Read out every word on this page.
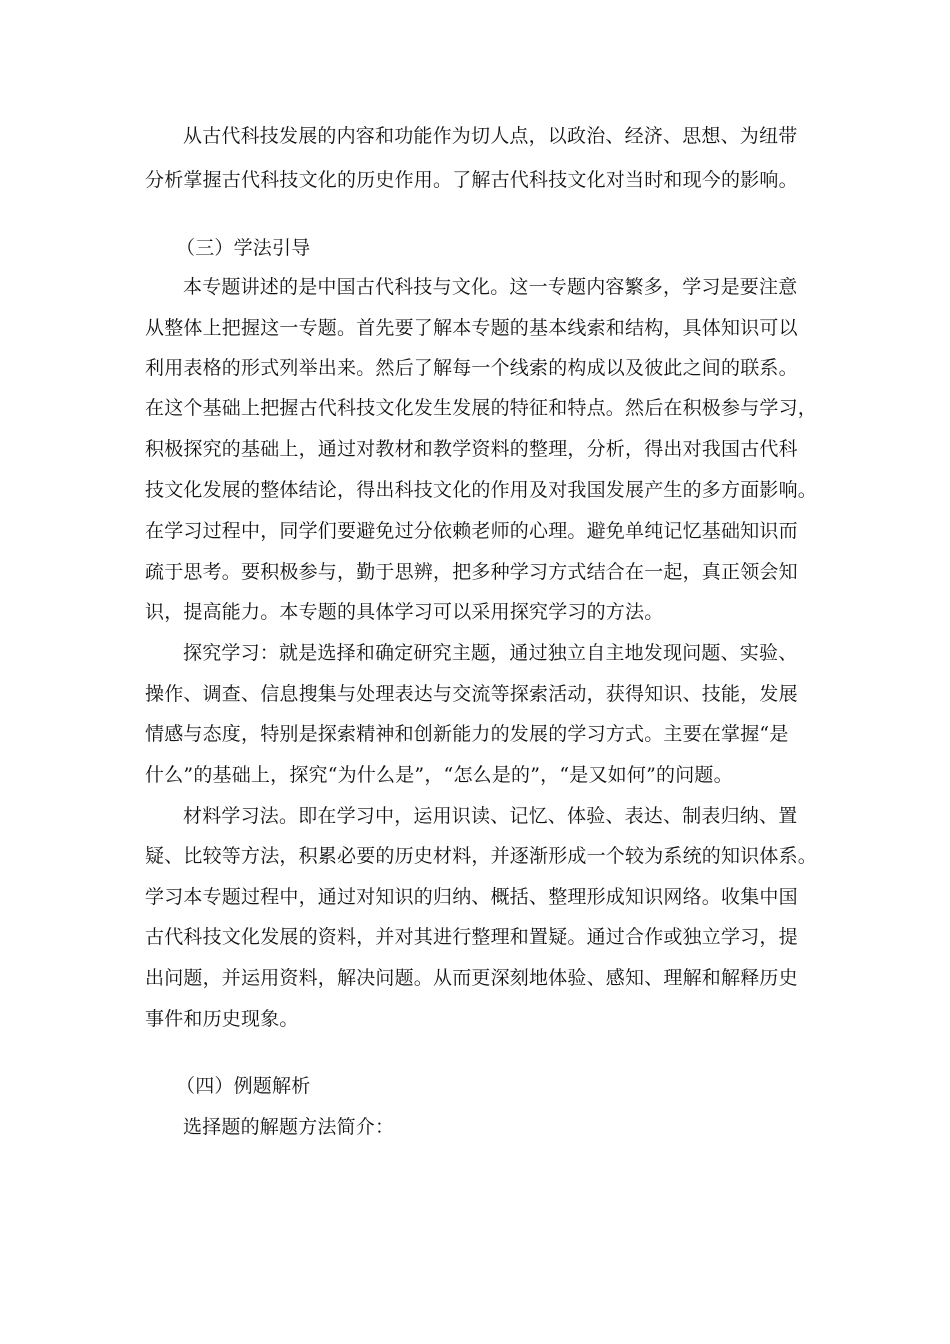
从古代科技发展的内容和功能作为切人点，以政治、经济、思想、为纽带
分析掌握古代科技文化的历史作用。了解古代科技文化对当时和现今的影响。
（三）学法引导
本专题讲述的是中国古代科技与文化。这一专题内容繁多，学习是要注意
从整体上把握这一专题。首先要了解本专题的基本线索和结构，具体知识可以
利用表格的形式列举出来。然后了解每一个线索的构成以及彼此之间的联系。
在这个基础上把握古代科技文化发生发展的特征和特点。然后在积极参与学习，
积极探究的基础上，通过对教材和教学资料的整理，分析，得出对我国古代科
技文化发展的整体结论，得出科技文化的作用及对我国发展产生的多方面影响。
在学习过程中，同学们要避免过分依赖老师的心理。避免单纯记忆基础知识而
疏于思考。要积极参与，勤于思辨，把多种学习方式结合在一起，真正领会知
识，提高能力。本专题的具体学习可以采用探究学习的方法。
探究学习：就是选择和确定研究主题，通过独立自主地发现问题、实验、
操作、调查、信息搜集与处理表达与交流等探索活动，获得知识、技能，发展
情感与态度，特别是探索精神和创新能力的发展的学习方式。主要在掌握“是
什么”的基础上，探究“为什么是”，“怎么是的”，“是又如何”的问题。
材料学习法。即在学习中，运用识读、记忆、体验、表达、制表归纳、置
疑、比较等方法，积累必要的历史材料，并逐渐形成一个较为系统的知识体系。
学习本专题过程中，通过对知识的归纳、概括、整理形成知识网络。收集中国
古代科技文化发展的资料，并对其进行整理和置疑。通过合作或独立学习，提
出问题，并运用资料，解决问题。从而更深刻地体验、感知、理解和解释历史
事件和历史现象。
（四）例题解析
选择题的解题方法简介：
